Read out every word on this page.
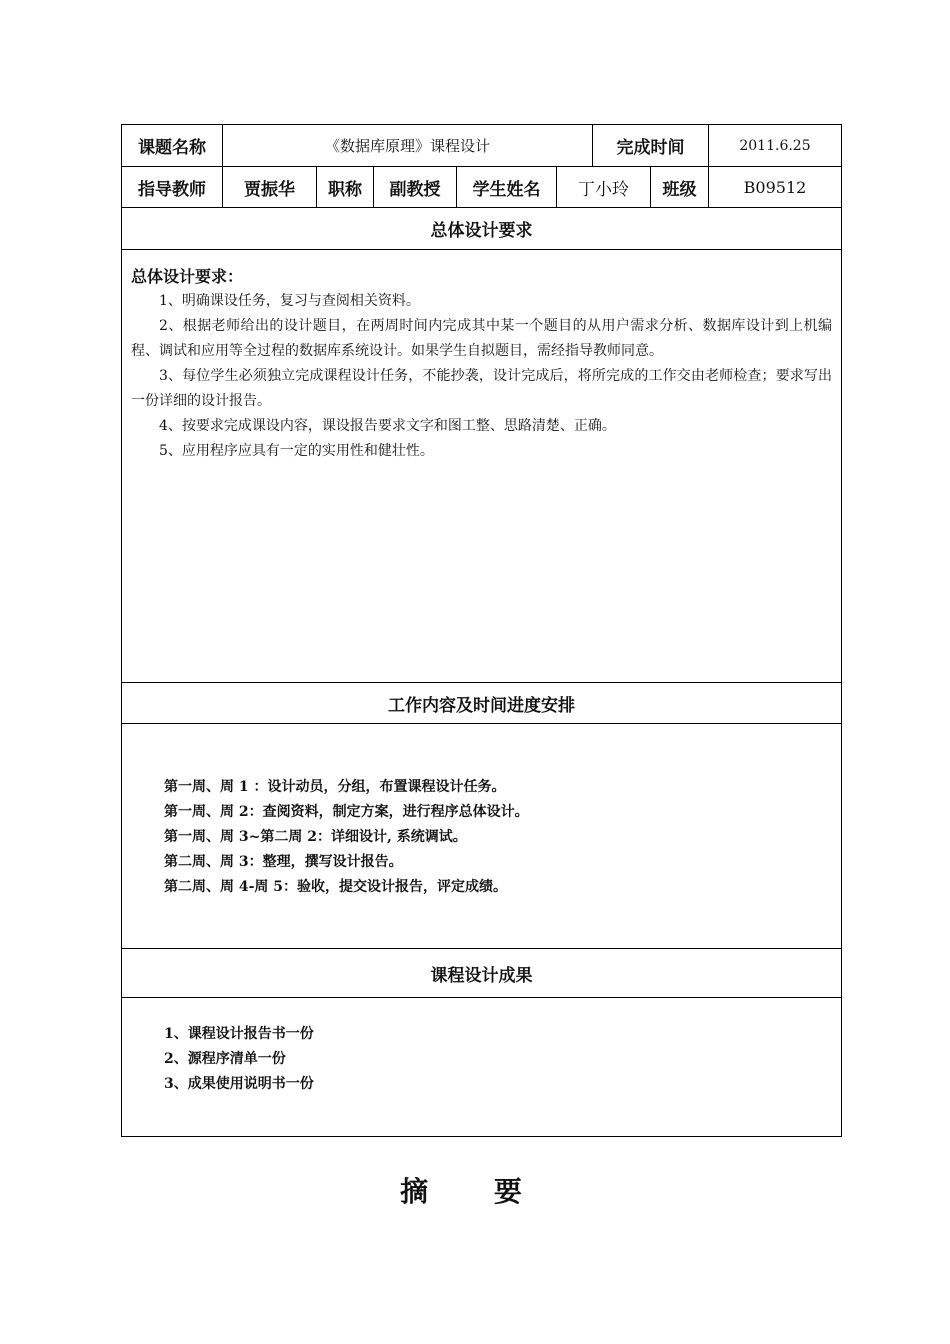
课题名称	《数据库原理》课程设计	完成时间	2011.6.25
指导教师	贾振华	职称	副教授	学生姓名	丁小玲	班级	B09512
总体设计要求

总体设计要求：

1、明确课设任务，复习与查阅相关资料。

2、根据老师给出的设计题目，在两周时间内完成其中某一个题目的从用户需求分析、数据库设计到上机编程、调试和应用等全过程的数据库系统设计。如果学生自拟题目，需经指导教师同意。

3、每位学生必须独立完成课程设计任务，不能抄袭，设计完成后，将所完成的工作交由老师检查；要求写出一份详细的设计报告。

4、按要求完成课设内容，课设报告要求文字和图工整、思路清楚、正确。

5、应用程序应具有一定的实用性和健壮性。

工作内容及时间进度安排

第一周、周 1 ：设计动员，分组，布置课程设计任务。

第一周、周 2：查阅资料，制定方案，进行程序总体设计。

第一周、周 3~第二周 2：详细设计, 系统调试。

第二周、周 3：整理，撰写设计报告。

第二周、周 4-周 5：验收，提交设计报告，评定成绩。

课程设计成果

1、课程设计报告书一份

2、源程序清单一份

3、成果使用说明书一份

摘 要
